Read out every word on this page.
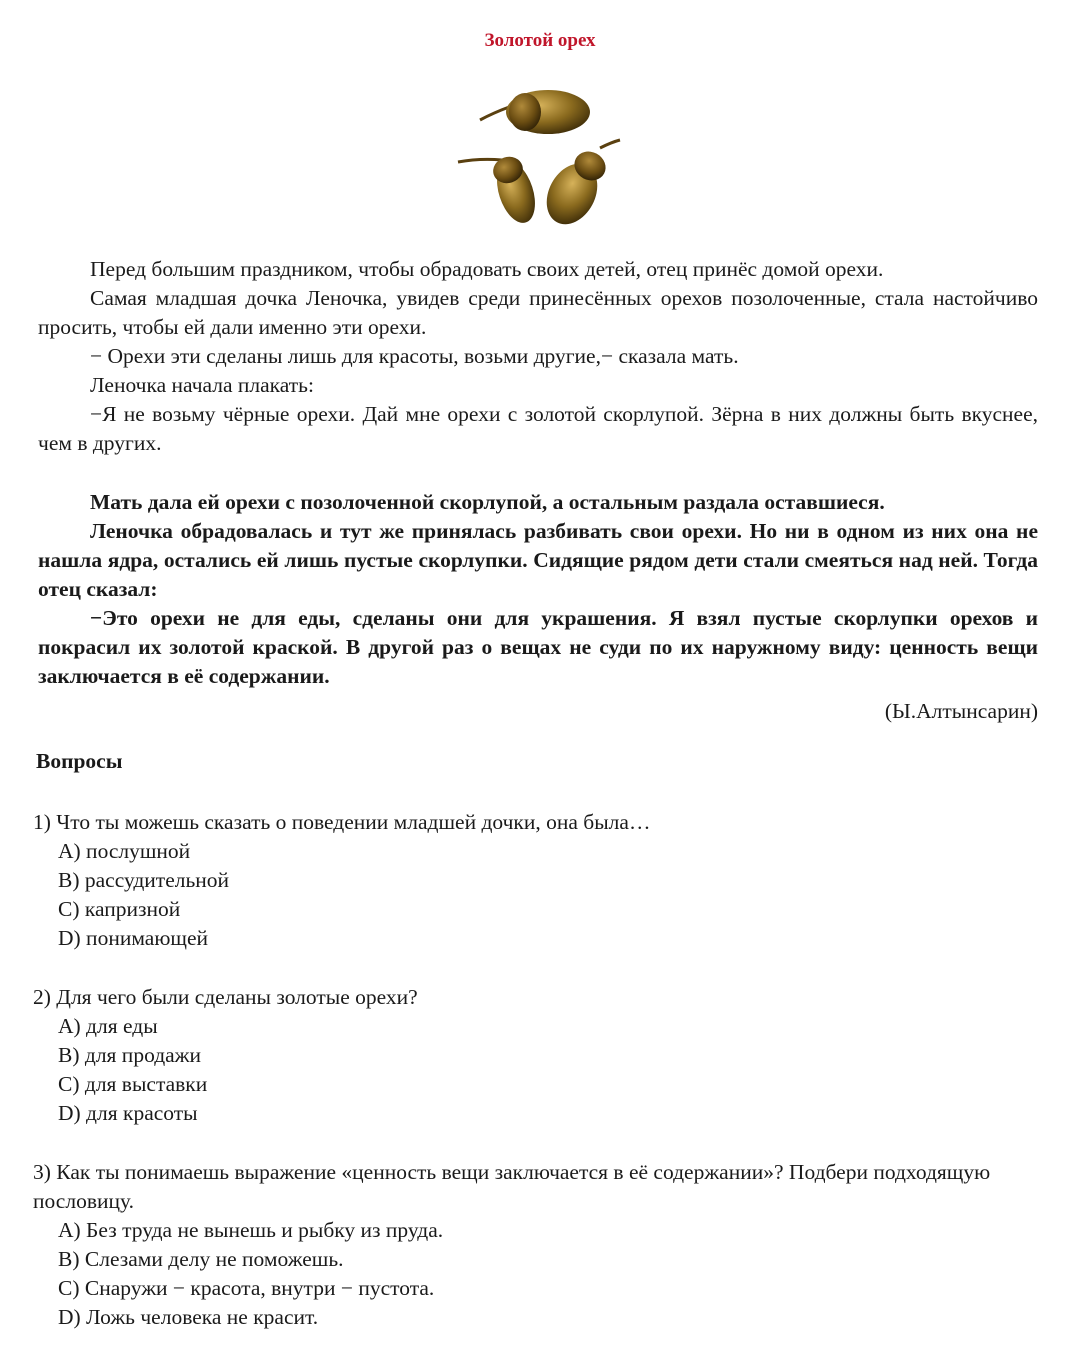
Золотой орех

Перед большим праздником, чтобы обрадовать своих детей, отец принёс домой орехи.

Самая младшая дочка Леночка, увидев среди принесённых орехов позолоченные, стала настойчиво просить, чтобы ей дали именно эти орехи.

− Орехи эти сделаны лишь для красоты, возьми другие,− сказала мать.

Леночка начала плакать:

−Я не возьму чёрные орехи. Дай мне орехи с золотой скорлупой. Зёрна в них должны быть вкуснее, чем в других.

Мать дала ей орехи с позолоченной скорлупой, а остальным раздала оставшиеся.

Леночка обрадовалась и тут же принялась разбивать свои орехи. Но ни в одном из них она не нашла ядра, остались ей лишь пустые скорлупки. Сидящие рядом дети стали смеяться над ней. Тогда отец сказал:

−Это орехи не для еды, сделаны они для украшения. Я взял пустые скорлупки орехов и покрасил их золотой краской. В другой раз о вещах не суди по их наружному виду: ценность вещи заключается в её содержании.

(Ы.Алтынсарин)
Вопросы

1) Что ты можешь сказать о поведении младшей дочки, она была…

A) послушной
B) рассудительной
C) капризной
D) понимающей

2) Для чего были сделаны золотые орехи?

A) для еды
B) для продажи
C) для выставки
D) для красоты

3) Как ты понимаешь выражение «ценность вещи заключается в её содержании»? Подбери подходящую пословицу.

A) Без труда не вынешь и рыбку из пруда.
B) Слезами делу не поможешь.
C) Снаружи − красота, внутри − пустота.
D) Ложь человека не красит.
